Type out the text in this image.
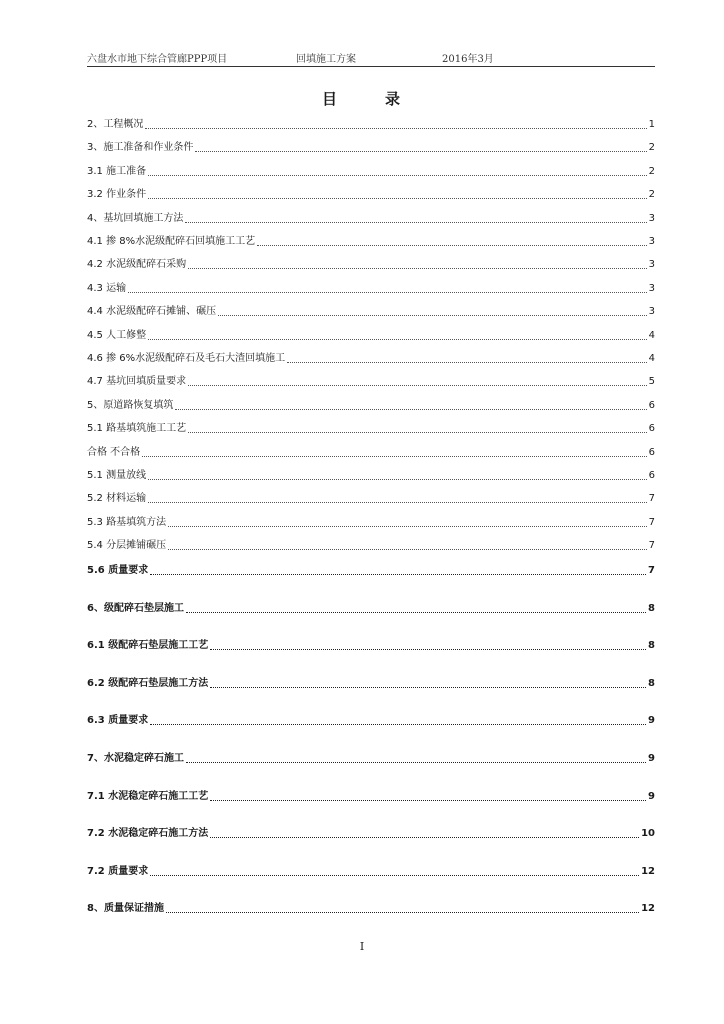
六盘水市地下综合管廊PPP项目	回填施工方案	2016年3月
目	录
2、工程概况	1
3、施工准备和作业条件	2
3.1 施工准备	2
3.2 作业条件	2
4、基坑回填施工方法	3
4.1 掺 8%水泥级配碎石回填施工工艺	3
4.2 水泥级配碎石采购	3
4.3 运输	3
4.4 水泥级配碎石摊铺、碾压	3
4.5 人工修整	4
4.6 掺 6%水泥级配碎石及毛石大渣回填施工	4
4.7 基坑回填质量要求	5
5、原道路恢复填筑	6
5.1 路基填筑施工工艺	6
合格 不合格	6
5.1 测量放线	6
5.2 材料运输	7
5.3 路基填筑方法	7
5.4 分层摊铺碾压	7
5.6 质量要求	7
6、级配碎石垫层施工	8
6.1 级配碎石垫层施工工艺	8
6.2 级配碎石垫层施工方法	8
6.3 质量要求	9
7、水泥稳定碎石施工	9
7.1 水泥稳定碎石施工工艺	9
7.2 水泥稳定碎石施工方法	10
7.2 质量要求	12
8、质量保证措施	12
I
